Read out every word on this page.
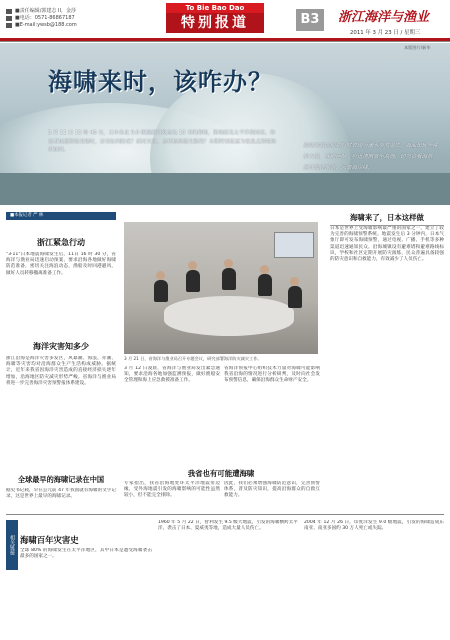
■责任编辑/郭建志 II，金莎
■电话：0571-86867187
■E-mail:ywsb@188.com
To Bie Bao Dao
特别报道	B3	浙江海洋与渔业
2011 年 3 月 23 日 / 星期三
本版图片/新华
海啸来时，该咋办？
3 月 11 日 13 时 46 分，日本东北 9.0 级强震引发高达 10 米的海啸，海啸波及太平洋数国家。你是否知道海啸来临时，应该如何防范？面对灾难，怎样选择逃生路线？本期特别报道为您盘点海啸防灾知识。
海啸来临的前兆有时表现为潮水突然退去，海面出现异常的大浪，伴随巨响，应迅速撤离至高地，切勿贪看海景，避开低洼地带，远离海岸线。
■本报记者 严 林
3 月 21 日，省海洋与渔业局召开专题会议，研究部署海洋防灾减灾工作。
浙江紧急行动
"3·11"日本地震海啸发生后，11日 16 时 30 分，省海洋与渔业局迅速启动预案，要求沿海各地做好海啸防范准备，密切关注海浪动态，渔船及时回港避风，做好人员转移撤离准备工作。
海洋灾害知多少
浙江沿海是海洋灾害多发区，风暴潮、海浪、赤潮、海啸等灾害均对沿海群众生产生活构成威胁。据统计，近年来我省因海洋灾害造成的直接经济损失逐年增加，沿海地区防灾减灾形势严峻。省海洋与渔业局将进一步完善海洋灾害预警报体系建设。
全球最早的海啸记录在中国
据史书记载，早在公元前 47 年我国就有海啸的文字记录，这是世界上最早的海啸记录。
3 月 12 日凌晨，省海洋与渔业局发出紧急通知，要求沿海各地加强监测预报，做好渔船安全管理和海上应急救援准备工作。
省海洋预报中心组织技术力量对海啸可能影响我省沿海的情况进行分析研判，及时向社会发布预警信息，确保沿海群众生命财产安全。
我省也有可能遭海啸
专家指出，我省沿海地处环太平洋地震带边缘，受外海地震引发的海啸影响的可能性虽然较小，但不能完全排除。
因此，我们必须增强海啸防范意识，完善预警体系，普及防灾知识，提高沿海群众的自救互救能力。
海啸来了，日本这样做
日本是世界上受海啸影响最严重的国家之一，建立了较为完善的海啸预警系统。地震发生后 3 分钟内，日本气象厅即可发布海啸预警，通过电视、广播、手机等多种渠道迅速通知民众。沿海城镇设有避难塔和避难路线标识，学校和社区定期开展防灾演练，民众普遍具备较强的防灾意识和自救能力，有效减少了人员伤亡。
相关链接 海啸百年灾害史
全球 80% 的海啸发生在太平洋地区，其中日本是遭受海啸袭击最多的国家之一。
1960 年 5 月 22 日，智利发生 9.5 级大地震，引发的海啸横跨太平洋，袭击了日本、夏威夷等地，造成大量人员伤亡。
2004 年 12 月 26 日，印度洋发生 9.0 级地震，引发的海啸造成东南亚、南亚多国约 30 万人死亡或失踪。
